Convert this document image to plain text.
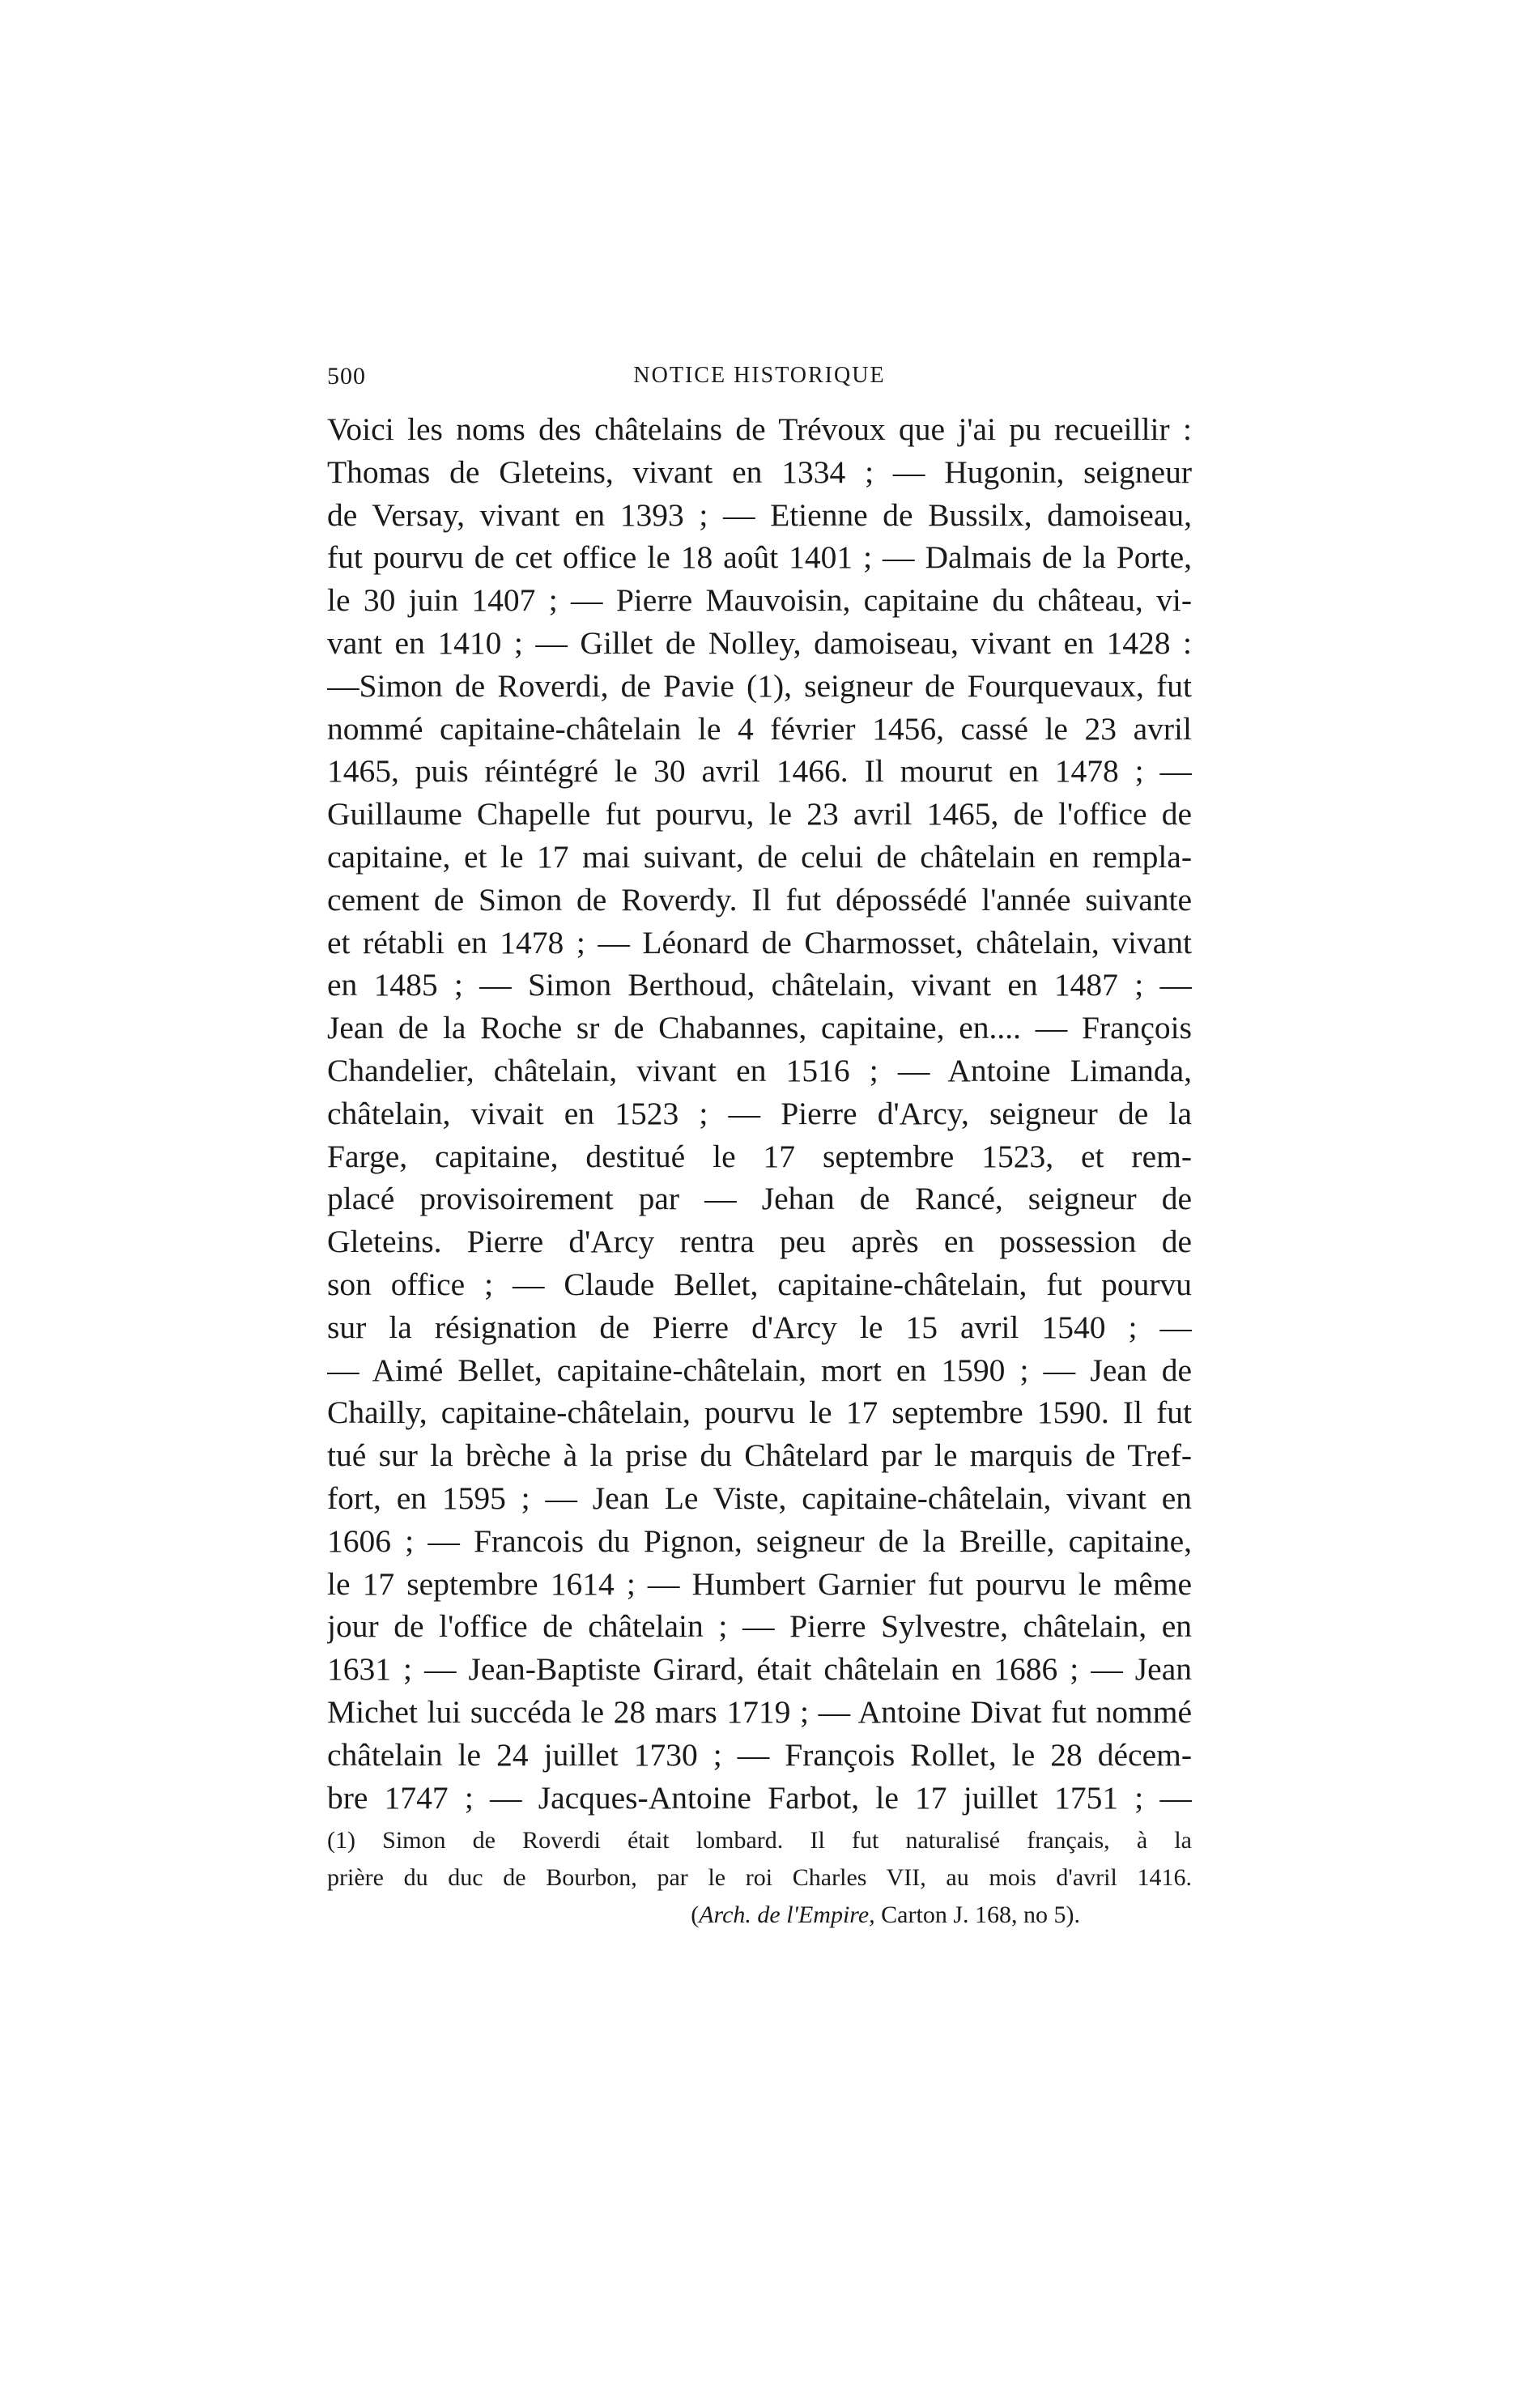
500	NOTICE HISTORIQUE
Voici les noms des châtelains de Trévoux que j'ai pu recueillir :
Thomas de Gleteins, vivant en 1334 ; — Hugonin, seigneur
de Versay, vivant en 1393 ; — Etienne de Bussilx, damoiseau,
fut pourvu de cet office le 18 août 1401 ; — Dalmais de la Porte,
le 30 juin 1407 ; — Pierre Mauvoisin, capitaine du château, vi-
vant en 1410 ; — Gillet de Nolley, damoiseau, vivant en 1428 :
—Simon de Roverdi, de Pavie (1), seigneur de Fourquevaux, fut
nommé capitaine-châtelain le 4 février 1456, cassé le 23 avril
1465, puis réintégré le 30 avril 1466. Il mourut en 1478 ; —
Guillaume Chapelle fut pourvu, le 23 avril 1465, de l'office de
capitaine, et le 17 mai suivant, de celui de châtelain en rempla-
cement de Simon de Roverdy. Il fut dépossédé l'année suivante
et rétabli en 1478 ; — Léonard de Charmosset, châtelain, vivant
en 1485 ; — Simon Berthoud, châtelain, vivant en 1487 ; —
Jean de la Roche sr de Chabannes, capitaine, en.... — François
Chandelier, châtelain, vivant en 1516 ; — Antoine Limanda,
châtelain, vivait en 1523 ; — Pierre d'Arcy, seigneur de la
Farge, capitaine, destitué le 17 septembre 1523, et rem-
placé provisoirement par — Jehan de Rancé, seigneur de
Gleteins. Pierre d'Arcy rentra peu après en possession de
son office ; — Claude Bellet, capitaine-châtelain, fut pourvu
sur la résignation de Pierre d'Arcy le 15 avril 1540 ; —
— Aimé Bellet, capitaine-châtelain, mort en 1590 ; — Jean de
Chailly, capitaine-châtelain, pourvu le 17 septembre 1590. Il fut
tué sur la brèche à la prise du Châtelard par le marquis de Tref-
fort, en 1595 ; — Jean Le Viste, capitaine-châtelain, vivant en
1606 ; — Francois du Pignon, seigneur de la Breille, capitaine,
le 17 septembre 1614 ; — Humbert Garnier fut pourvu le même
jour de l'office de châtelain ; — Pierre Sylvestre, châtelain, en
1631 ; — Jean-Baptiste Girard, était châtelain en 1686 ; — Jean
Michet lui succéda le 28 mars 1719 ; — Antoine Divat fut nommé
châtelain le 24 juillet 1730 ; — François Rollet, le 28 décem-
bre 1747 ; — Jacques-Antoine Farbot, le 17 juillet 1751 ; —
(1) Simon de Roverdi était lombard. Il fut naturalisé français, à la
prière du duc de Bourbon, par le roi Charles VII, au mois d'avril 1416.
(Arch. de l'Empire, Carton J. 168, no 5).
